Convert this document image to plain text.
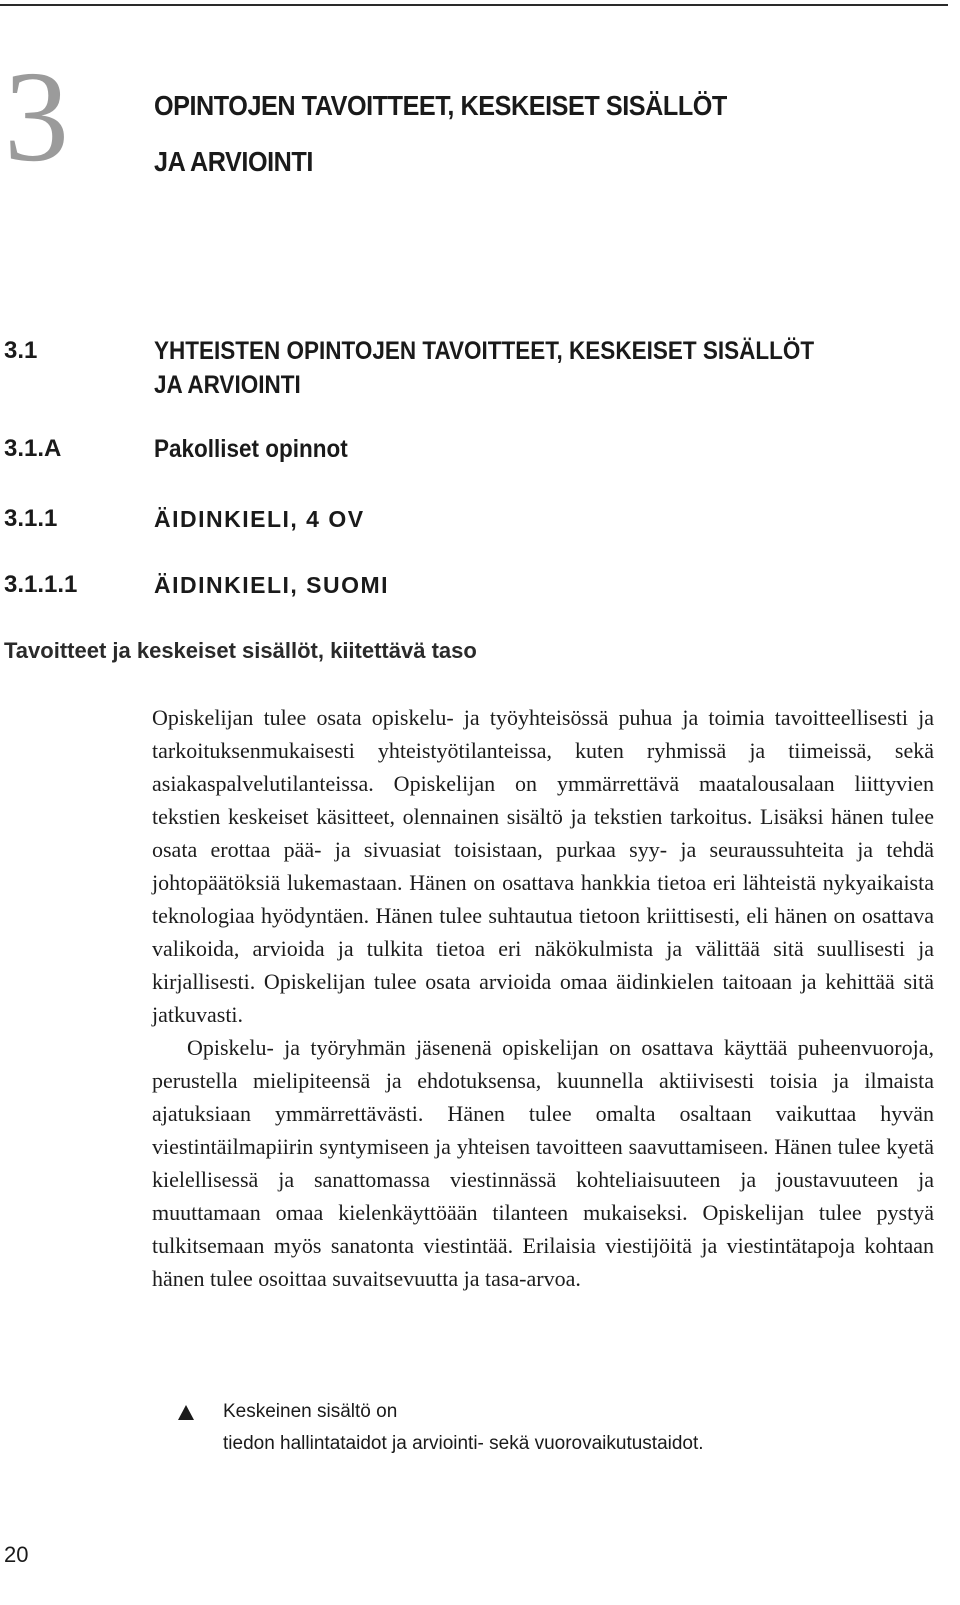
3	OPINTOJEN TAVOITTEET, KESKEISET SISÄLLÖT
JA ARVIOINTI
3.1	YHTEISTEN OPINTOJEN TAVOITTEET, KESKEISET SISÄLLÖT JA ARVIOINTI
3.1.A	Pakolliset opinnot
3.1.1	ÄIDINKIELI, 4 OV
3.1.1.1	ÄIDINKIELI, SUOMI
Tavoitteet ja keskeiset sisällöt, kiitettävä taso

Opiskelijan tulee osata opiskelu- ja työyhteisössä puhua ja toimia tavoitteellisesti ja tarkoituksenmukaisesti yhteistyötilanteissa, kuten ryhmissä ja tiimeissä, sekä asiakaspalvelutilanteissa. Opiskelijan on ymmärrettävä maatalousalaan liittyvien tekstien keskeiset käsitteet, olennainen sisältö ja tekstien tarkoitus. Lisäksi hänen tulee osata erottaa pää- ja sivuasiat toisistaan, purkaa syy- ja seuraussuhteita ja tehdä johtopäätöksiä lukemastaan. Hänen on osattava hankkia tietoa eri lähteistä nykyaikaista teknologiaa hyödyntäen. Hänen tulee suhtautua tietoon kriittisesti, eli hänen on osattava valikoida, arvioida ja tulkita tietoa eri näkökulmista ja välittää sitä suullisesti ja kirjallisesti. Opiskelijan tulee osata arvioida omaa äidinkielen taitoaan ja kehittää sitä jatkuvasti.

Opiskelu- ja työryhmän jäsenenä opiskelijan on osattava käyttää puheenvuoroja, perustella mielipiteensä ja ehdotuksensa, kuunnella aktiivisesti toisia ja ilmaista ajatuksiaan ymmärrettävästi. Hänen tulee omalta osaltaan vaikuttaa hyvän viestintäilmapiirin syntymiseen ja yhteisen tavoitteen saavuttamiseen. Hänen tulee kyetä kielellisessä ja sanattomassa viestinnässä kohteliaisuuteen ja joustavuuteen ja muuttamaan omaa kielenkäyttöään tilanteen mukaiseksi. Opiskelijan tulee pystyä tulkitsemaan myös sanatonta viestintää. Erilaisia viestijöitä ja viestintätapoja kohtaan hänen tulee osoittaa suvaitsevuutta ja tasa-arvoa.

Keskeinen sisältö on
tiedon hallintataidot ja arviointi- sekä vuorovaikutustaidot.
20
